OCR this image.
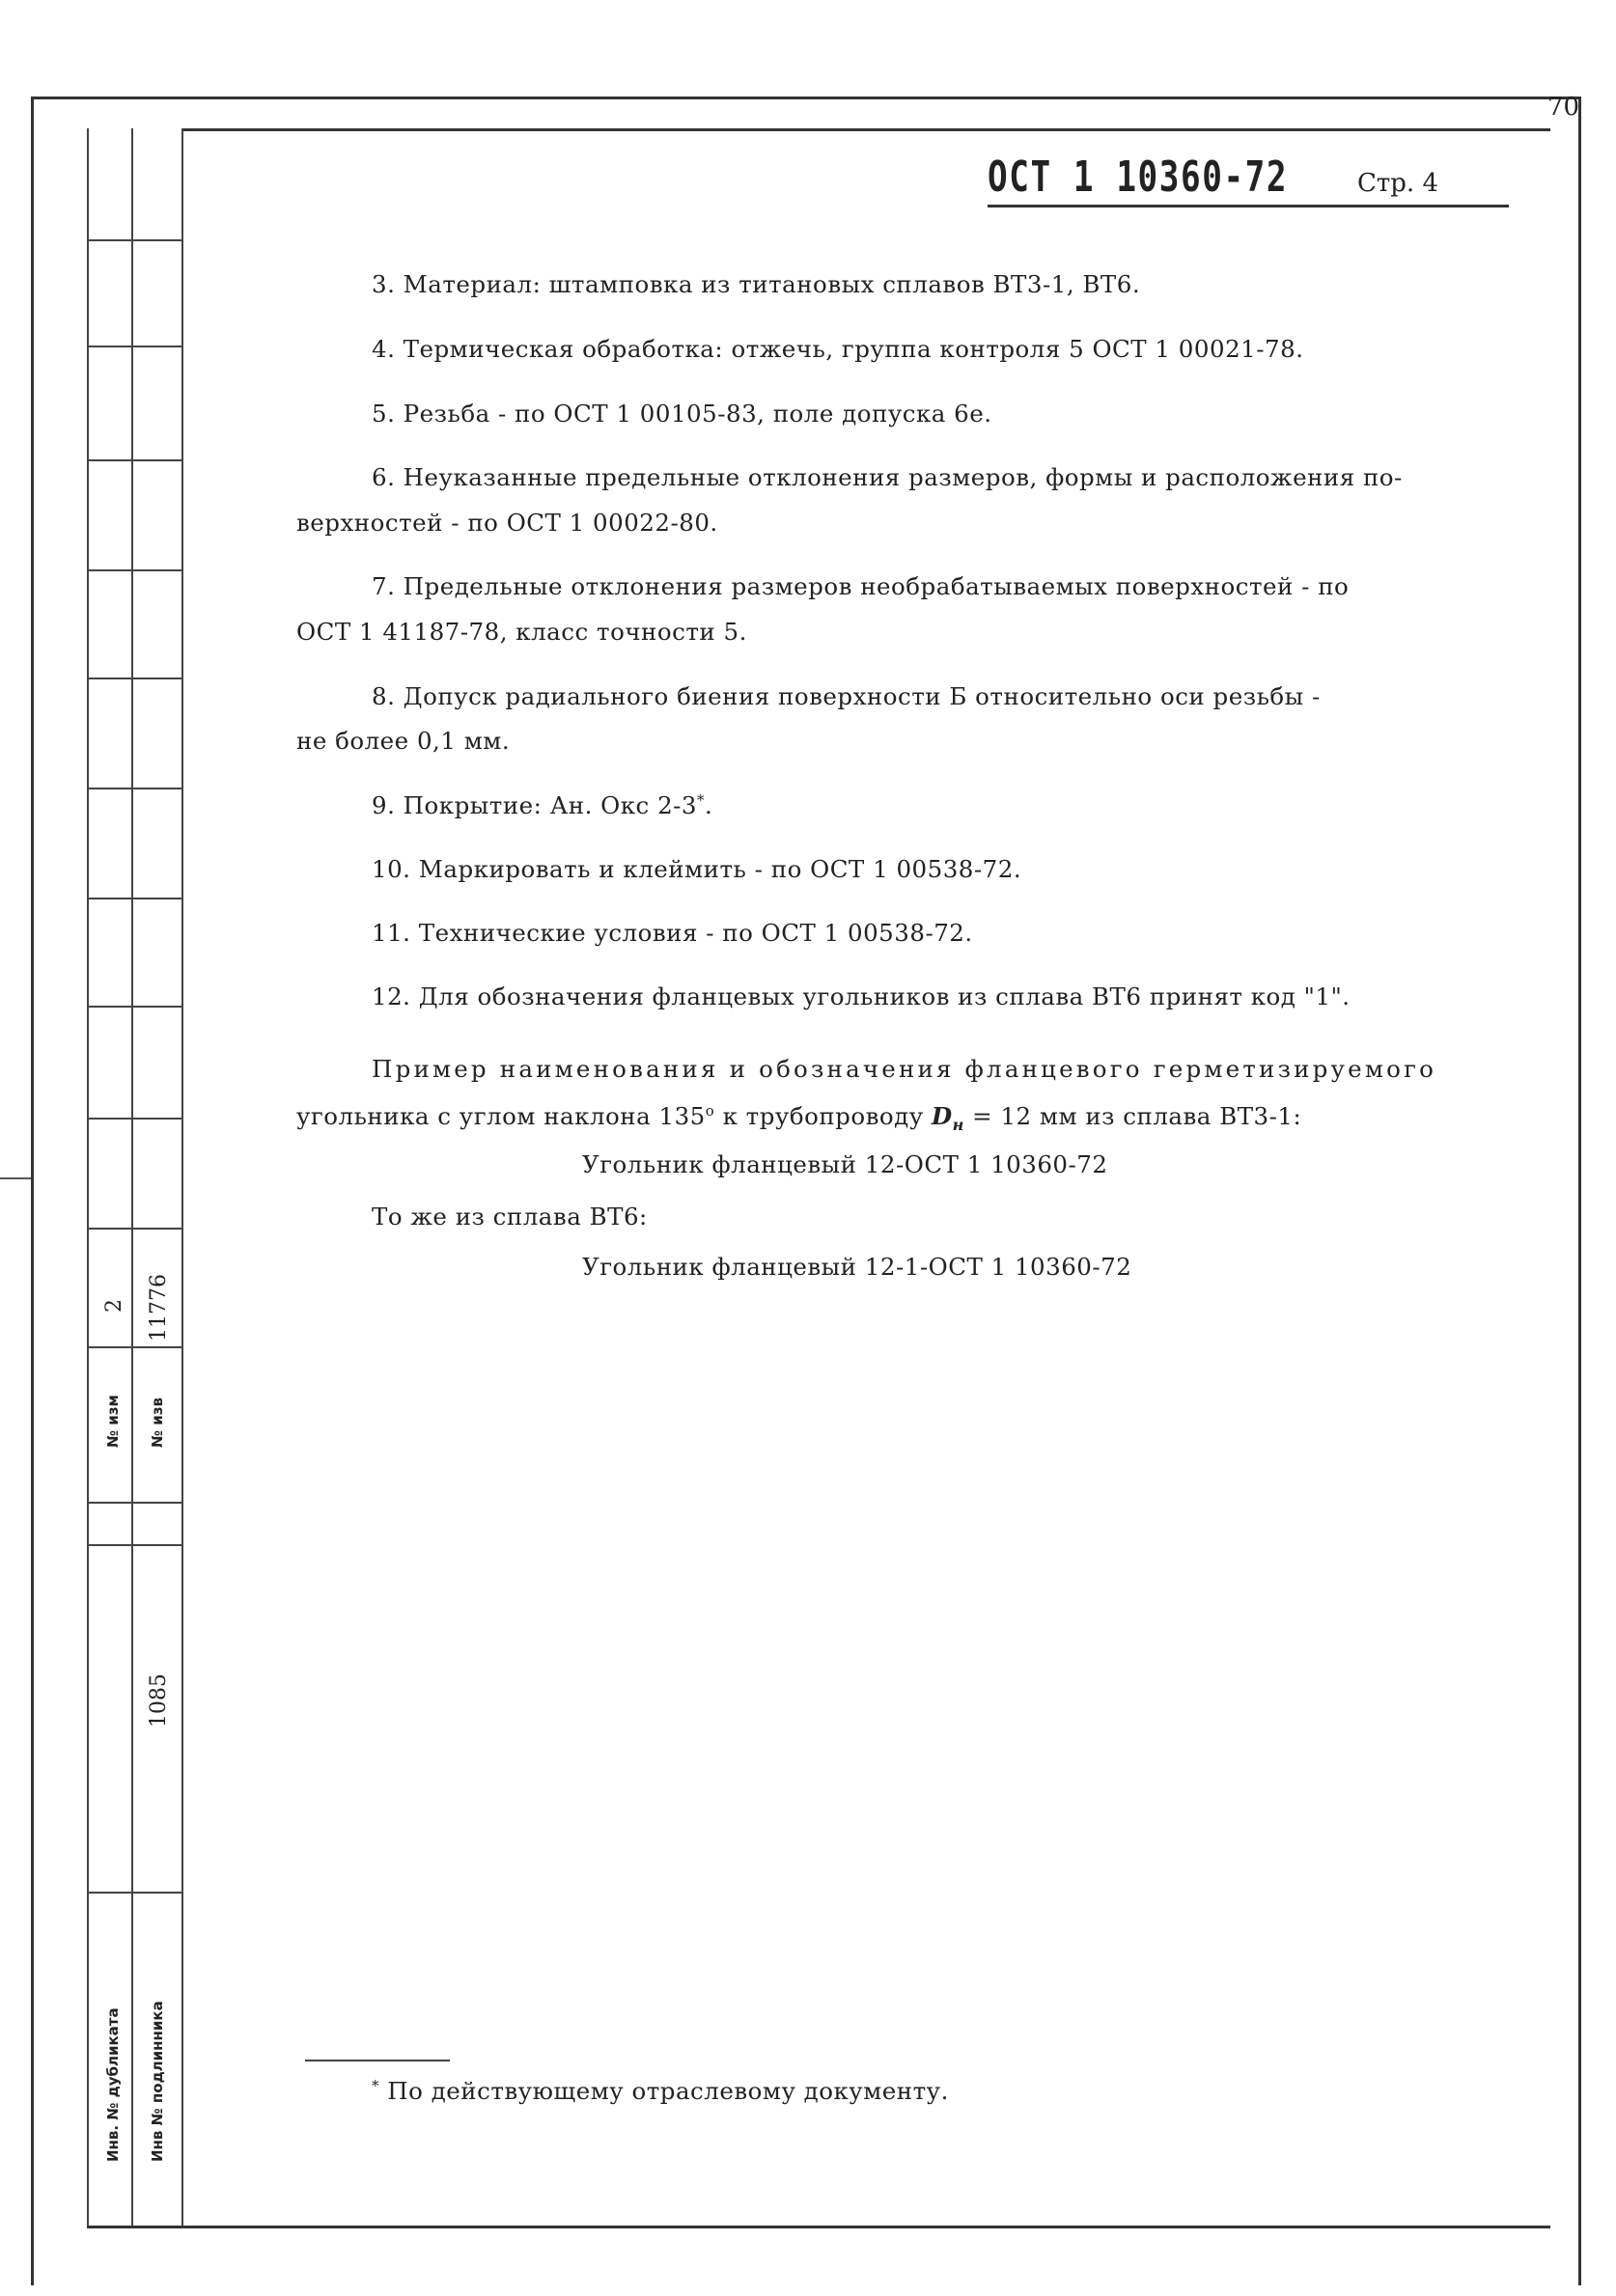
2
№ изм
11776
№ изв
1085
Инв. № дубликата Инв № подлинника
70
ОСТ 1 10360-72	Стр. 4
3. Материал: штамповка из титановых сплавов ВТ3-1, ВТ6.
4. Термическая обработка: отжечь, группа контроля 5 ОСТ 1 00021-78.
5. Резьба - по ОСТ 1 00105-83, поле допуска 6е.
6. Неуказанные предельные отклонения размеров, формы и расположения по-
верхностей - по ОСТ 1 00022-80.
7. Предельные отклонения размеров необрабатываемых поверхностей - по
ОСТ 1 41187-78, класс точности 5.
8. Допуск радиального биения поверхности Б относительно оси резьбы -
не более 0,1 мм.
9. Покрытие: Ан. Окс 2-3*.
10. Маркировать и клеймить - по ОСТ 1 00538-72.
11. Технические условия - по ОСТ 1 00538-72.
12. Для обозначения фланцевых угольников из сплава ВТ6 принят код "1".
Пример наименования и обозначения фланцевого герметизируемого
угольника с углом наклона 135$^o$ к трубопроводу $D_н = 12$ мм из сплава ВТ3-1:
Угольник фланцевый 12-ОСТ 1 10360-72
То же из сплава ВТ6:
Угольник фланцевый 12-1-ОСТ 1 10360-72
* По действующему отраслевому документу.
